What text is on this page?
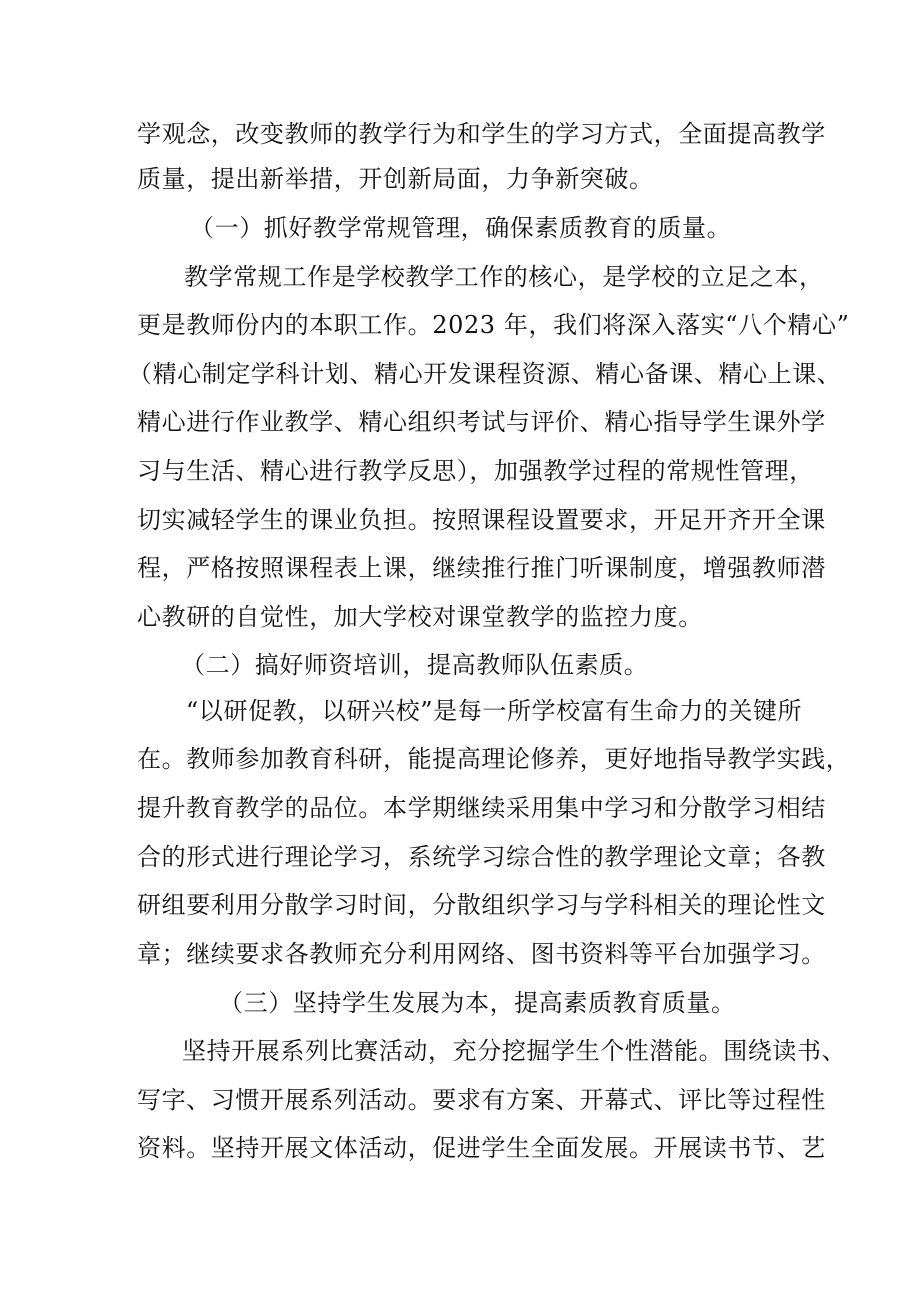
学观念，改变教师的教学行为和学生的学习方式，全面提高教学
质量，提出新举措，开创新局面，力争新突破。
（一）抓好教学常规管理，确保素质教育的质量。
教学常规工作是学校教学工作的核心，是学校的立足之本，
更是教师份内的本职工作。2023 年，我们将深入落实“八个精心”
（精心制定学科计划、精心开发课程资源、精心备课、精心上课、
精心进行作业教学、精心组织考试与评价、精心指导学生课外学
习与生活、精心进行教学反思），加强教学过程的常规性管理，
切实减轻学生的课业负担。按照课程设置要求，开足开齐开全课
程，严格按照课程表上课，继续推行推门听课制度，增强教师潜
心教研的自觉性，加大学校对课堂教学的监控力度。
（二）搞好师资培训，提高教师队伍素质。
“以研促教，以研兴校”是每一所学校富有生命力的关键所
在。教师参加教育科研，能提高理论修养，更好地指导教学实践，
提升教育教学的品位。本学期继续采用集中学习和分散学习相结
合的形式进行理论学习，系统学习综合性的教学理论文章；各教
研组要利用分散学习时间，分散组织学习与学科相关的理论性文
章；继续要求各教师充分利用网络、图书资料等平台加强学习。
（三）坚持学生发展为本，提高素质教育质量。
坚持开展系列比赛活动，充分挖掘学生个性潜能。围绕读书、
写字、习惯开展系列活动。要求有方案、开幕式、评比等过程性
资料。坚持开展文体活动，促进学生全面发展。开展读书节、艺
